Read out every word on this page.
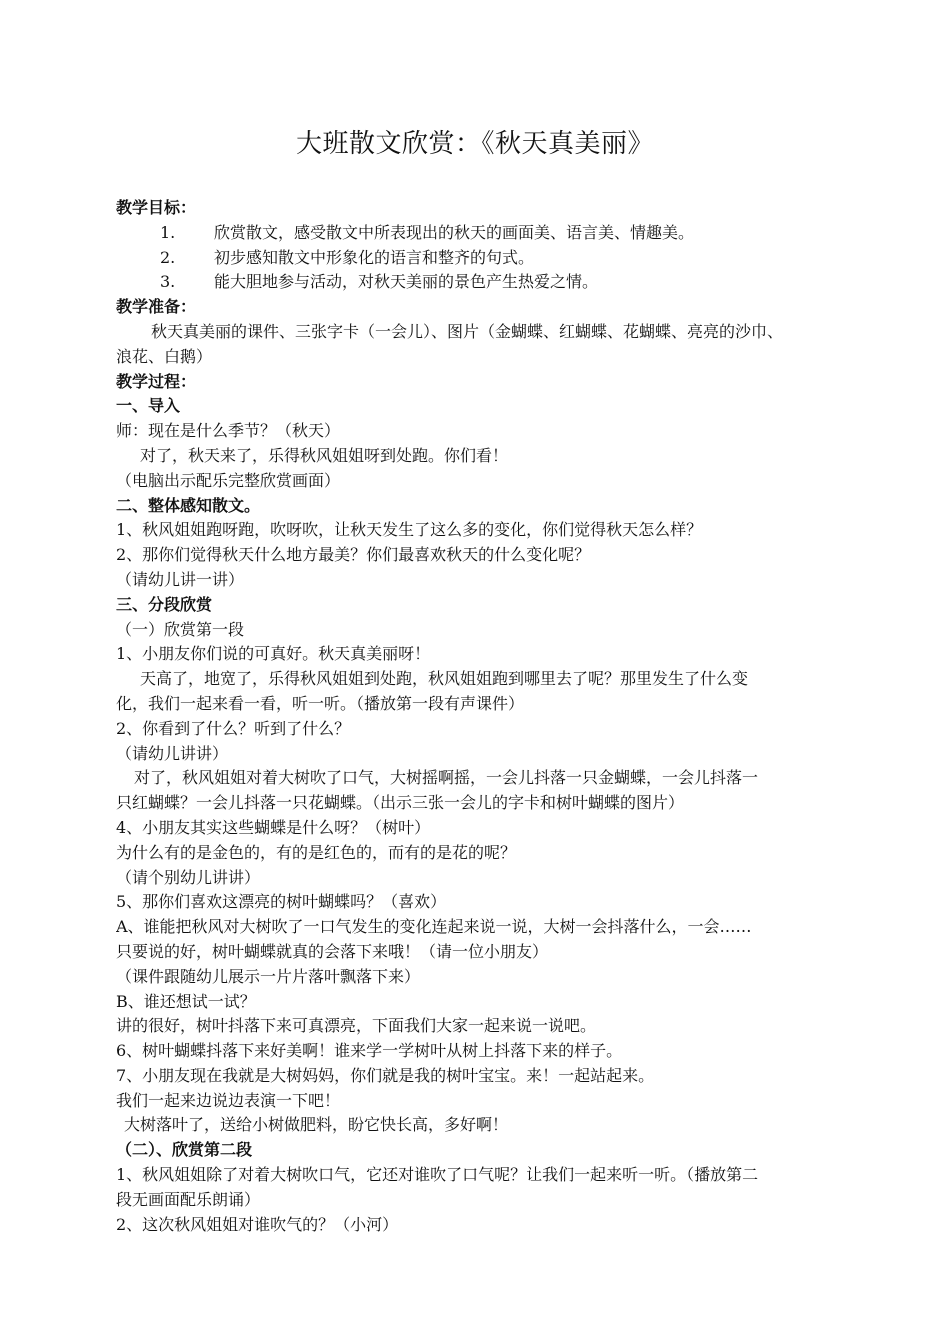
大班散文欣赏：《秋天真美丽》
教学目标：
1. 欣赏散文，感受散文中所表现出的秋天的画面美、语言美、情趣美。
2. 初步感知散文中形象化的语言和整齐的句式。
3. 能大胆地参与活动，对秋天美丽的景色产生热爱之情。
教学准备：
秋天真美丽的课件、三张字卡（一会儿）、图片（金蝴蝶、红蝴蝶、花蝴蝶、亮亮的沙巾、
浪花、白鹅）
教学过程：
一、导入
师：现在是什么季节？（秋天）
对了，秋天来了，乐得秋风姐姐呀到处跑。你们看！
（电脑出示配乐完整欣赏画面）
二、整体感知散文。
1、秋风姐姐跑呀跑，吹呀吹，让秋天发生了这么多的变化，你们觉得秋天怎么样？
2、那你们觉得秋天什么地方最美？你们最喜欢秋天的什么变化呢？
（请幼儿讲一讲）
三、分段欣赏
（一）欣赏第一段
1、小朋友你们说的可真好。秋天真美丽呀！
天高了，地宽了，乐得秋风姐姐到处跑，秋风姐姐跑到哪里去了呢？那里发生了什么变
化，我们一起来看一看，听一听。（播放第一段有声课件）
2、你看到了什么？听到了什么？
（请幼儿讲讲）
对了，秋风姐姐对着大树吹了口气，大树摇啊摇，一会儿抖落一只金蝴蝶，一会儿抖落一
只红蝴蝶？一会儿抖落一只花蝴蝶。（出示三张一会儿的字卡和树叶蝴蝶的图片）
4、小朋友其实这些蝴蝶是什么呀？（树叶）
为什么有的是金色的，有的是红色的，而有的是花的呢？
（请个别幼儿讲讲）
5、那你们喜欢这漂亮的树叶蝴蝶吗？（喜欢）
A、谁能把秋风对大树吹了一口气发生的变化连起来说一说，大树一会抖落什么，一会……
只要说的好，树叶蝴蝶就真的会落下来哦！（请一位小朋友）
（课件跟随幼儿展示一片片落叶飘落下来）
B、谁还想试一试？
讲的很好，树叶抖落下来可真漂亮，下面我们大家一起来说一说吧。
6、树叶蝴蝶抖落下来好美啊！谁来学一学树叶从树上抖落下来的样子。
7、小朋友现在我就是大树妈妈，你们就是我的树叶宝宝。来！一起站起来。
我们一起来边说边表演一下吧！
大树落叶了，送给小树做肥料，盼它快长高，多好啊！
（二）、欣赏第二段
1、秋风姐姐除了对着大树吹口气，它还对谁吹了口气呢？让我们一起来听一听。（播放第二
段无画面配乐朗诵）
2、这次秋风姐姐对谁吹气的？（小河）
